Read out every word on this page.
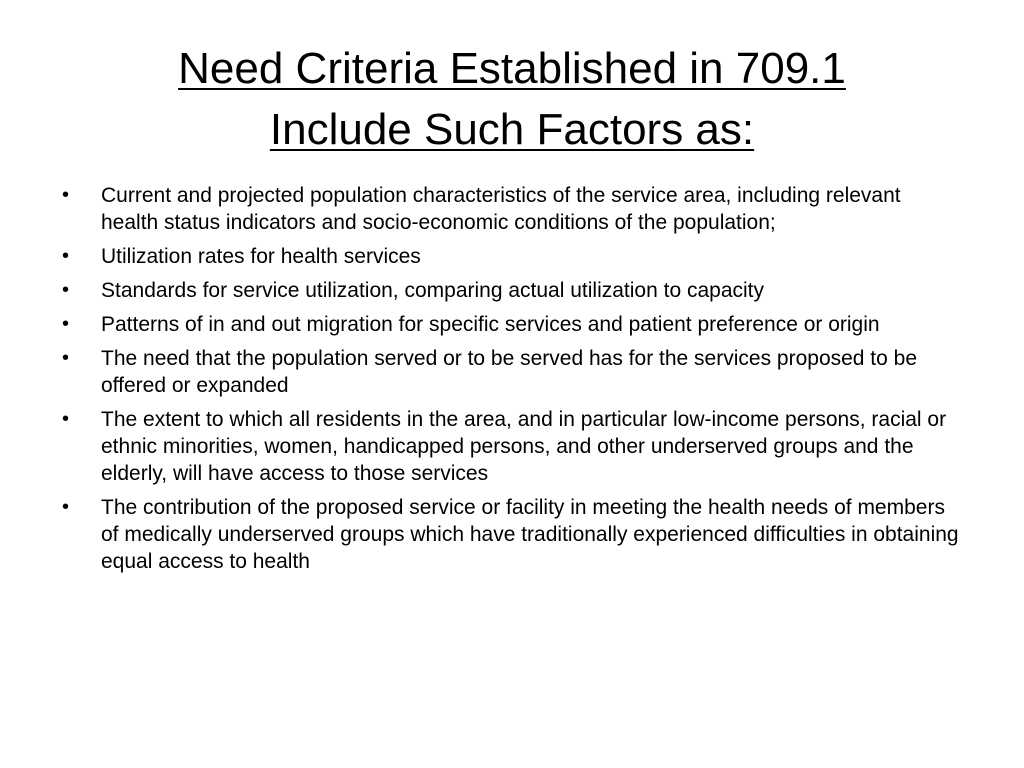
Need Criteria Established in 709.1
Include Such Factors as:
• Current and projected population characteristics of the service area, including relevant health status indicators and socio-economic conditions of the population;
• Utilization rates for health services
• Standards for service utilization, comparing actual utilization to capacity
• Patterns of in and out migration for specific services and patient preference or origin
• The need that the population served or to be served has for the services proposed to be offered or expanded
• The extent to which all residents in the area, and in particular low-income persons, racial or ethnic minorities, women, handicapped persons, and other underserved groups and the elderly, will have access to those services
• The contribution of the proposed service or facility in meeting the health needs of members of medically underserved groups which have traditionally experienced difficulties in obtaining equal access to health
